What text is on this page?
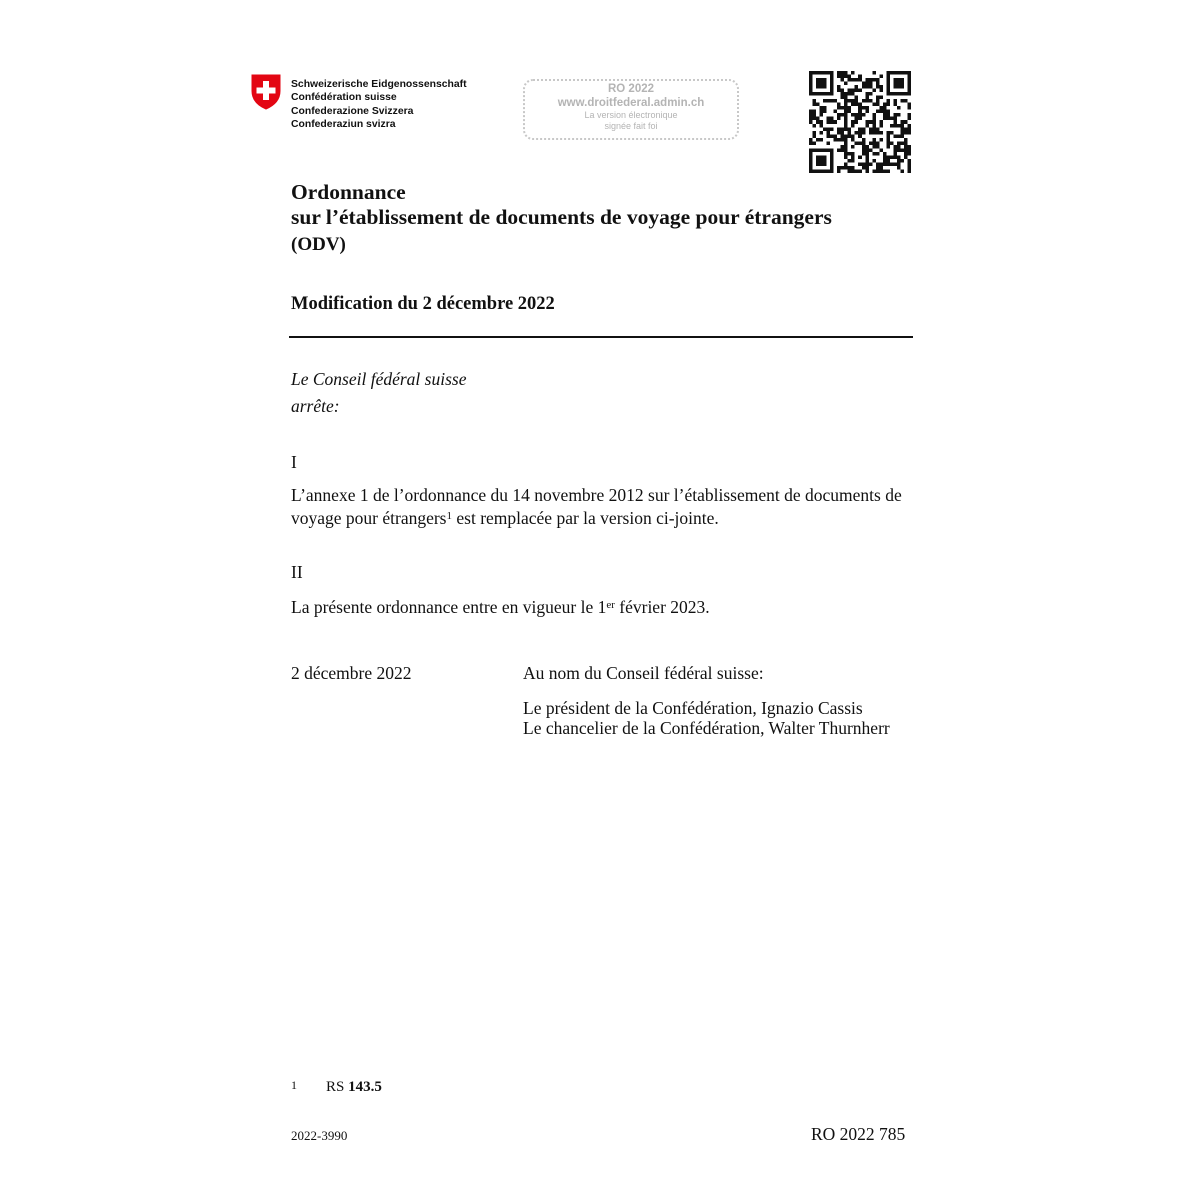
Schweizerische Eidgenossenschaft
Confédération suisse
Confederazione Svizzera
Confederaziun svizra
RO 2022
www.droitfederal.admin.ch
La version électronique
signée fait foi
Ordonnance
sur l’établissement de documents de voyage pour étrangers
(ODV)
Modification du 2 décembre 2022
Le Conseil fédéral suisse
arrête:
I
L’annexe 1 de l’ordonnance du 14 novembre 2012 sur l’établissement de documents de voyage pour étrangers$^1$ est remplacée par la version ci-jointe.
II
La présente ordonnance entre en vigueur le 1er février 2023.
2 décembre 2022	Au nom du Conseil fédéral suisse:
Le président de la Confédération, Ignazio Cassis
Le chancelier de la Confédération, Walter Thurnherr
1 RS 143.5
2022-3990	RO 2022 785
